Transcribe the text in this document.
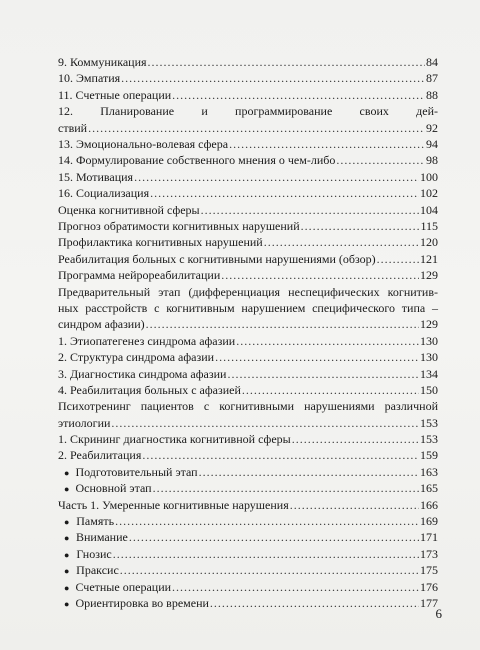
9. Коммуникация .....	84
10. Эмпатия .....	87
11. Счетные операции .....	88
12. Планирование и программирование своих дей-
ствий .....	92
13. Эмоционально-волевая сфера .....	94
14. Формулирование собственного мнения о чем-либо .....	98
15. Мотивация .....	100
16. Социализация .....	102
Оценка когнитивной сферы .....	104
Прогноз обратимости когнитивных нарушений .....	115
Профилактика когнитивных нарушений .....	120
Реабилитация больных с когнитивными нарушениями (обзор) .....	121
Программа нейрореабилитации .....	129
Предварительный этап (дифференциация неспецифических когнитив-
ных расстройств с когнитивным нарушением специфического типа –
синдром афазии) .....	129
1. Этиопатегенез синдрома афазии .....	130
2. Структура синдрома афазии .....	130
3. Диагностика синдрома афазии .....	134
4. Реабилитация больных с афазией .....	150
Психотренинг пациентов с когнитивными нарушениями различной
этиологии .....	153
1. Скрининг диагностика когнитивной сферы .....	153
2. Реабилитация .....	159
● Подготовительный этап .....	163
● Основной этап .....	165
Часть 1. Умеренные когнитивные нарушения .....	166
● Память .....	169
● Внимание .....	171
● Гнозис .....	173
● Праксис .....	175
● Счетные операции .....	176
● Ориентировка во времени .....	177
6
